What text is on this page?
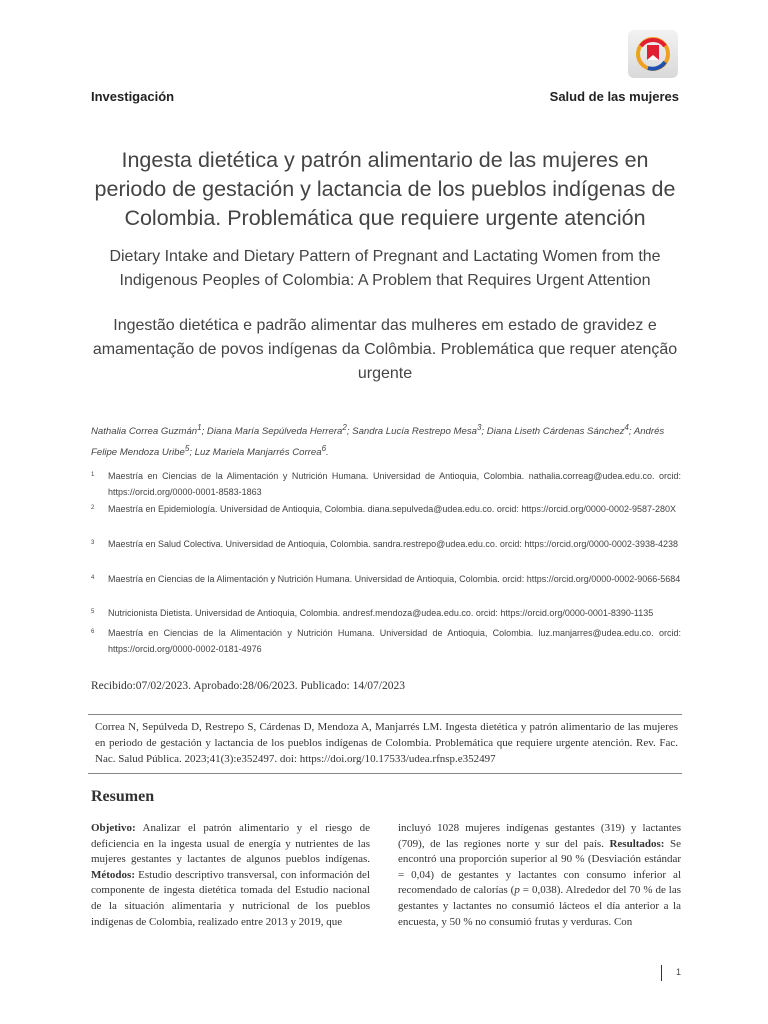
Investigación	Salud de las mujeres
Ingesta dietética y patrón alimentario de las mujeres en periodo de gestación y lactancia de los pueblos indígenas de Colombia. Problemática que requiere urgente atención
Dietary Intake and Dietary Pattern of Pregnant and Lactating Women from the Indigenous Peoples of Colombia: A Problem that Requires Urgent Attention
Ingestão dietética e padrão alimentar das mulheres em estado de gravidez e amamentação de povos indígenas da Colômbia. Problemática que requer atenção urgente
Nathalia Correa Guzmán$^1$; Diana María Sepúlveda Herrera$^2$; Sandra Lucía Restrepo Mesa$^3$; Diana Liseth Cárdenas Sánchez$^4$; Andrés Felipe Mendoza Uribe$^5$; Luz Mariela Manjarrés Correa$^6$.
1 Maestría en Ciencias de la Alimentación y Nutrición Humana. Universidad de Antioquia, Colombia. nathalia.correag@udea.edu.co. orcid: https://orcid.org/0000-0001-8583-1863
2 Maestría en Epidemiología. Universidad de Antioquia, Colombia. diana.sepulveda@udea.edu.co. orcid: https://orcid.org/0000-0002-9587-280X
3 Maestría en Salud Colectiva. Universidad de Antioquia, Colombia. sandra.restrepo@udea.edu.co. orcid: https://orcid.org/0000-0002-3938-4238
4 Maestría en Ciencias de la Alimentación y Nutrición Humana. Universidad de Antioquia, Colombia. orcid: https://orcid.org/0000-0002-9066-5684
5 Nutricionista Dietista. Universidad de Antioquia, Colombia. andresf.mendoza@udea.edu.co. orcid: https://orcid.org/0000-0001-8390-1135
6 Maestría en Ciencias de la Alimentación y Nutrición Humana. Universidad de Antioquia, Colombia. luz.manjarres@udea.edu.co. orcid: https://orcid.org/0000-0002-0181-4976
Recibido:07/02/2023. Aprobado:28/06/2023. Publicado: 14/07/2023
Correa N, Sepúlveda D, Restrepo S, Cárdenas D, Mendoza A, Manjarrés LM. Ingesta dietética y patrón alimentario de las mujeres en periodo de gestación y lactancia de los pueblos indígenas de Colombia. Problemática que requiere urgente atención. Rev. Fac. Nac. Salud Pública. 2023;41(3):e352497. doi: https://doi.org/10.17533/udea.rfnsp.e352497
Resumen
Objetivo: Analizar el patrón alimentario y el riesgo de deficiencia en la ingesta usual de energía y nutrientes de las mujeres gestantes y lactantes de algunos pueblos indígenas. Métodos: Estudio descriptivo transversal, con información del componente de ingesta dietética tomada del Estudio nacional de la situación alimentaria y nutricional de los pueblos indígenas de Colombia, realizado entre 2013 y 2019, que
incluyó 1028 mujeres indígenas gestantes (319) y lactantes (709), de las regiones norte y sur del país. Resultados: Se encontró una proporción superior al 90 % (Desviación estándar = 0,04) de gestantes y lactantes con consumo inferior al recomendado de calorías (p = 0,038). Alrededor del 70 % de las gestantes y lactantes no consumió lácteos el día anterior a la encuesta, y 50 % no consumió frutas y verduras. Con
1
